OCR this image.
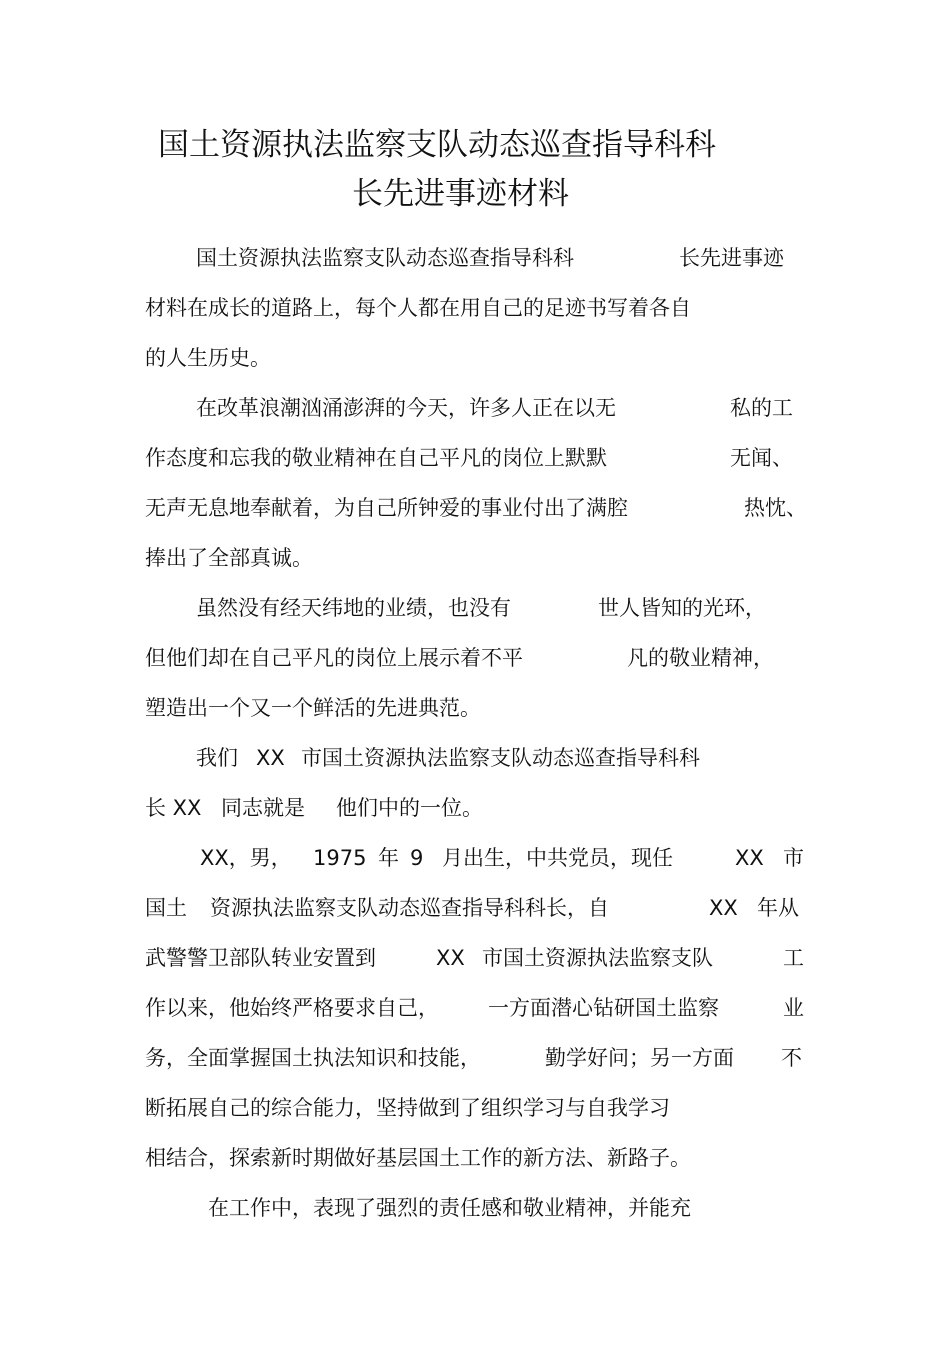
国土资源执法监察支队动态巡查指导科科
长先进事迹材料
国土资源执法监察支队动态巡查指导科科	长先进事迹
材料在成长的道路上，每个人都在用自己的足迹书写着各自
的人生历史。
在改革浪潮汹涌澎湃的今天，许多人正在以无	私的工
作态度和忘我的敬业精神在自己平凡的岗位上默默	无闻、
无声无息地奉献着，为自己所钟爱的事业付出了满腔	热忱、
捧出了全部真诚。
虽然没有经天纬地的业绩，也没有	世人皆知的光环，
但他们却在自己平凡的岗位上展示着不平	凡的敬业精神，
塑造出一个又一个鲜活的先进典范。
我们 XX 市国土资源执法监察支队动态巡查指导科科
长 XX 同志就是 他们中的一位。
XX，男， 1975 年 9 月出生，中共党员，现任	XX 市
国土 资源执法监察支队动态巡查指导科科长，自	XX 年从
武警警卫部队转业安置到	XX 市国土资源执法监察支队	工
作以来，他始终严格要求自己， 一方面潜心钻研国土监察	业
务，全面掌握国土执法知识和技能，	勤学好问；另一方面 不
断拓展自己的综合能力，坚持做到了组织学习与自我学习
相结合，探索新时期做好基层国土工作的新方法、新路子。
在工作中，表现了强烈的责任感和敬业精神，并能充
